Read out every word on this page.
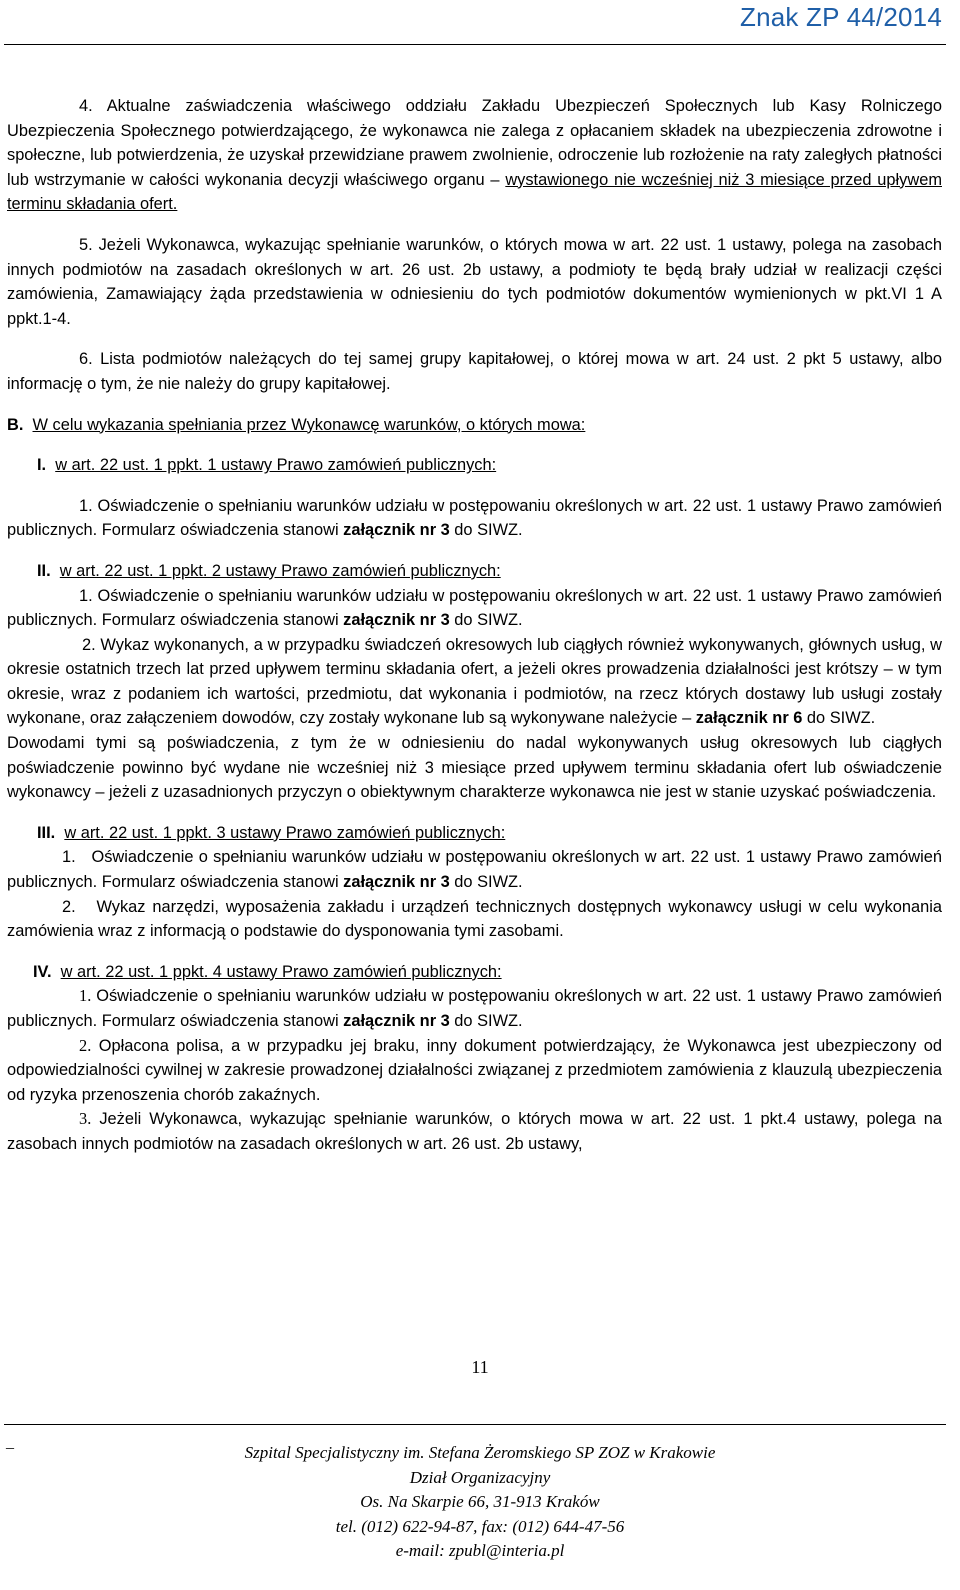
Znak ZP 44/2014

4. Aktualne zaświadczenia właściwego oddziału Zakładu Ubezpieczeń Społecznych lub Kasy Rolniczego Ubezpieczenia Społecznego potwierdzającego, że wykonawca nie zalega z opłacaniem składek na ubezpieczenia zdrowotne i społeczne, lub potwierdzenia, że uzyskał przewidziane prawem zwolnienie, odroczenie lub rozłożenie na raty zaległych płatności lub wstrzymanie w całości wykonania decyzji właściwego organu – wystawionego nie wcześniej niż 3 miesiące przed upływem terminu składania ofert.

5. Jeżeli Wykonawca, wykazując spełnianie warunków, o których mowa w art. 22 ust. 1 ustawy, polega na zasobach innych podmiotów na zasadach określonych w art. 26 ust. 2b ustawy, a podmioty te będą brały udział w realizacji części zamówienia, Zamawiający żąda przedstawienia w odniesieniu do tych podmiotów dokumentów wymienionych w pkt.VI 1 A ppkt.1-4.

6. Lista podmiotów należących do tej samej grupy kapitałowej, o której mowa w art. 24 ust. 2 pkt 5 ustawy, albo informację o tym, że nie należy do grupy kapitałowej.

B. W celu wykazania spełniania przez Wykonawcę warunków, o których mowa:

I.  w art. 22 ust. 1 ppkt. 1 ustawy Prawo zamówień publicznych:

1. Oświadczenie o spełnianiu warunków udziału w postępowaniu określonych w art. 22 ust. 1 ustawy Prawo zamówień publicznych. Formularz oświadczenia stanowi załącznik nr 3 do SIWZ.

II. w art. 22 ust. 1 ppkt. 2 ustawy Prawo zamówień publicznych:

1. Oświadczenie o spełnianiu warunków udziału w postępowaniu określonych w art. 22 ust. 1 ustawy Prawo zamówień publicznych. Formularz oświadczenia stanowi załącznik nr 3 do SIWZ.

2. Wykaz wykonanych, a w przypadku świadczeń okresowych lub ciągłych również wykonywanych, głównych usług, w okresie ostatnich trzech lat przed upływem terminu składania ofert, a jeżeli okres prowadzenia działalności jest krótszy – w tym okresie, wraz z podaniem ich wartości, przedmiotu, dat wykonania i podmiotów, na rzecz których dostawy lub usługi zostały wykonane, oraz załączeniem dowodów, czy zostały wykonane lub są wykonywane należycie – załącznik nr 6 do SIWZ.

Dowodami tymi są poświadczenia, z tym że w odniesieniu do nadal wykonywanych usług okresowych lub ciągłych poświadczenie powinno być wydane nie wcześniej niż 3 miesiące przed upływem terminu składania ofert lub oświadczenie wykonawcy – jeżeli z uzasadnionych przyczyn o obiektywnym charakterze wykonawca nie jest w stanie uzyskać poświadczenia.

III. w art. 22 ust. 1 ppkt. 3 ustawy Prawo zamówień publicznych:

1.   Oświadczenie o spełnianiu warunków udziału w postępowaniu określonych w art. 22 ust. 1 ustawy Prawo zamówień publicznych. Formularz oświadczenia stanowi załącznik nr 3 do SIWZ.

2.   Wykaz narzędzi, wyposażenia zakładu i urządzeń technicznych dostępnych wykonawcy usługi w celu wykonania zamówienia wraz z informacją o podstawie do dysponowania tymi zasobami.

IV. w art. 22 ust. 1 ppkt. 4 ustawy Prawo zamówień publicznych:

1. Oświadczenie o spełnianiu warunków udziału w postępowaniu określonych w art. 22 ust. 1 ustawy Prawo zamówień publicznych. Formularz oświadczenia stanowi załącznik nr 3 do SIWZ.

2. Opłacona polisa, a w przypadku jej braku, inny dokument potwierdzający, że Wykonawca jest ubezpieczony od odpowiedzialności cywilnej w zakresie prowadzonej działalności związanej z przedmiotem zamówienia z klauzulą ubezpieczenia od ryzyka przenoszenia chorób zakaźnych.

3. Jeżeli Wykonawca, wykazując spełnianie warunków, o których mowa w art. 22 ust. 1 pkt.4 ustawy, polega na zasobach innych podmiotów na zasadach określonych w art. 26 ust. 2b ustawy,

11
_
Szpital Specjalistyczny im. Stefana Żeromskiego SP ZOZ w Krakowie
Dział Organizacyjny
Os. Na Skarpie 66, 31-913 Kraków
tel. (012) 622-94-87, fax: (012) 644-47-56
e-mail: zpubl@interia.pl
